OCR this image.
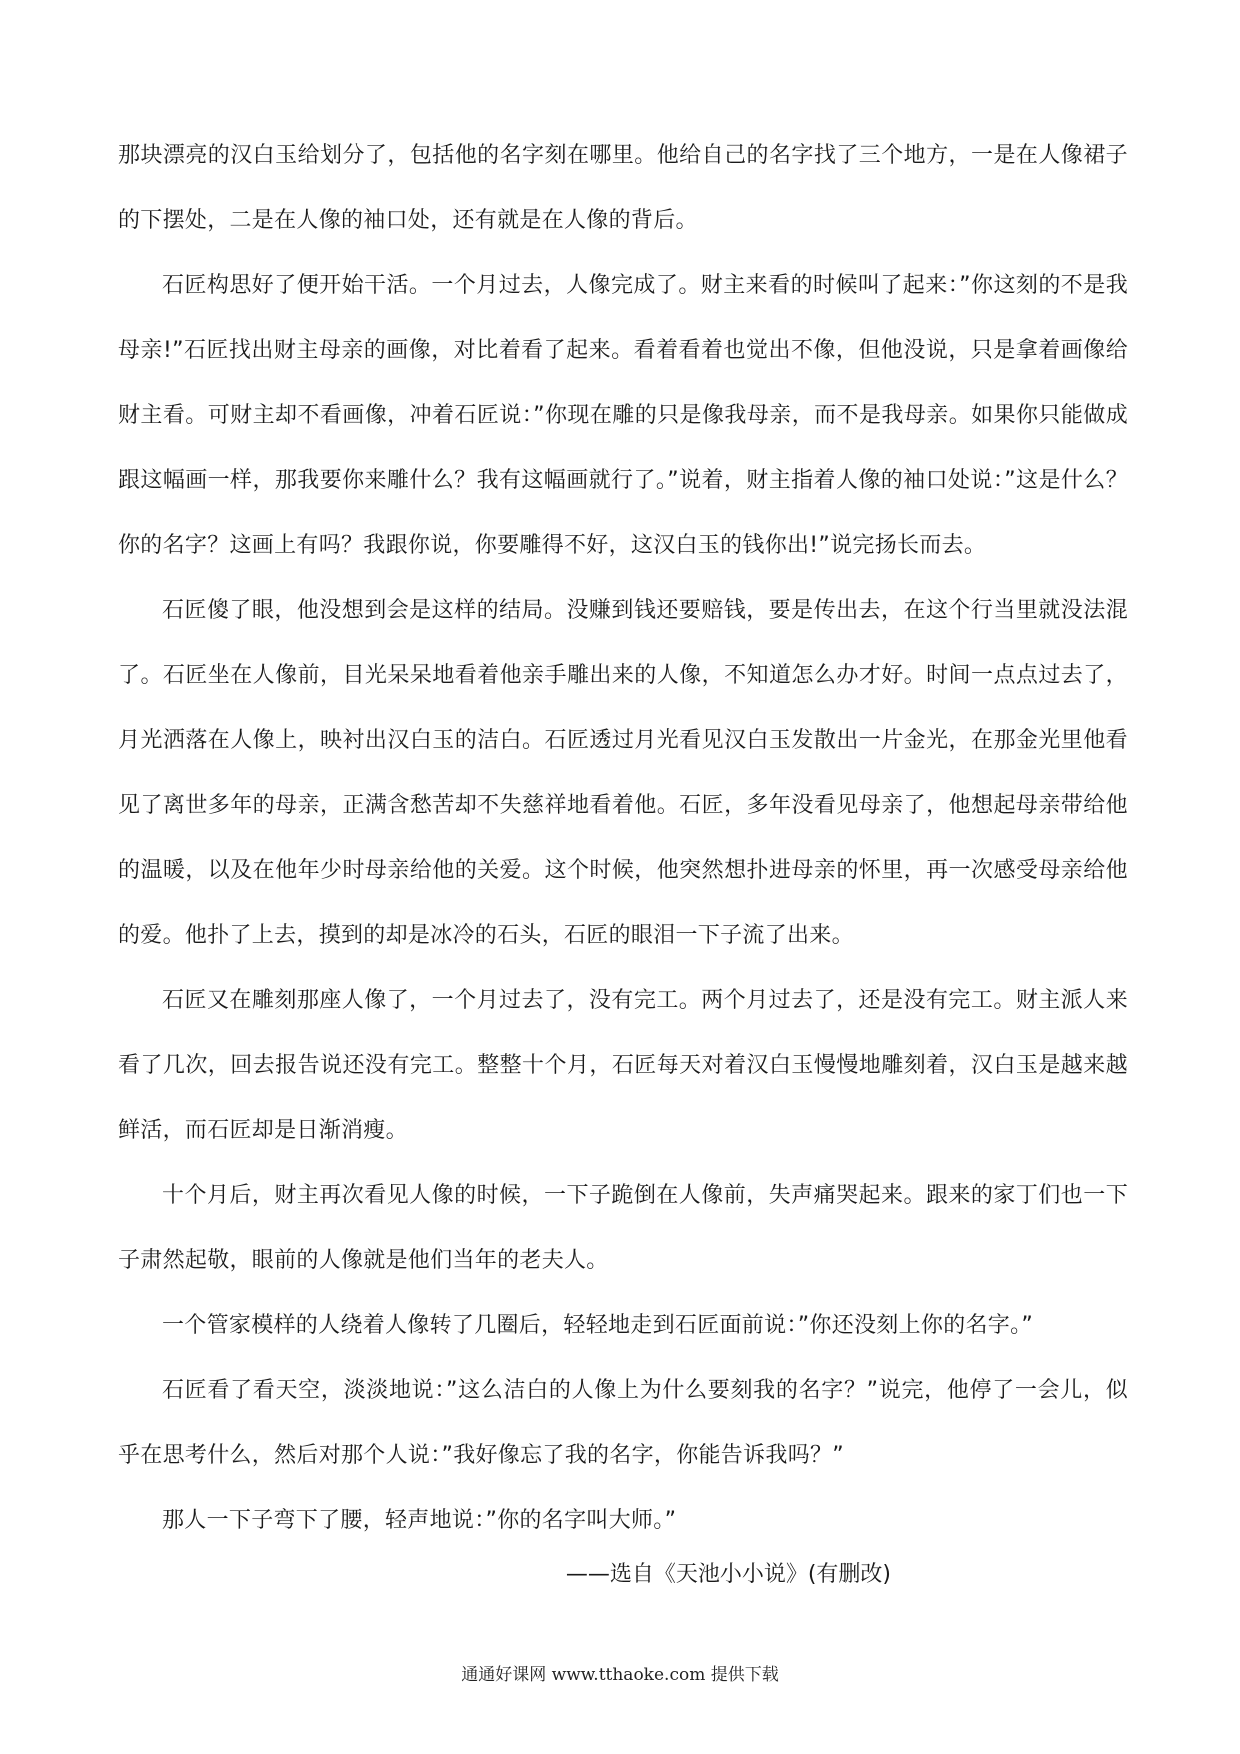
那块漂亮的汉白玉给划分了，包括他的名字刻在哪里。他给自己的名字找了三个地方，一是在人像裙子的下摆处，二是在人像的袖口处，还有就是在人像的背后。

石匠构思好了便开始干活。一个月过去，人像完成了。财主来看的时候叫了起来：”你这刻的不是我母亲!”石匠找出财主母亲的画像，对比着看了起来。看着看着也觉出不像，但他没说，只是拿着画像给财主看。可财主却不看画像，冲着石匠说：”你现在雕的只是像我母亲，而不是我母亲。如果你只能做成跟这幅画一样，那我要你来雕什么？我有这幅画就行了。”说着，财主指着人像的袖口处说：”这是什么？你的名字？这画上有吗？我跟你说，你要雕得不好，这汉白玉的钱你出!”说完扬长而去。

石匠傻了眼，他没想到会是这样的结局。没赚到钱还要赔钱，要是传出去，在这个行当里就没法混了。石匠坐在人像前，目光呆呆地看着他亲手雕出来的人像，不知道怎么办才好。时间一点点过去了，月光洒落在人像上，映衬出汉白玉的洁白。石匠透过月光看见汉白玉发散出一片金光，在那金光里他看见了离世多年的母亲，正满含愁苦却不失慈祥地看着他。石匠，多年没看见母亲了，他想起母亲带给他的温暖，以及在他年少时母亲给他的关爱。这个时候，他突然想扑进母亲的怀里，再一次感受母亲给他的爱。他扑了上去，摸到的却是冰冷的石头，石匠的眼泪一下子流了出来。

石匠又在雕刻那座人像了，一个月过去了，没有完工。两个月过去了，还是没有完工。财主派人来看了几次，回去报告说还没有完工。整整十个月，石匠每天对着汉白玉慢慢地雕刻着，汉白玉是越来越鲜活，而石匠却是日渐消瘦。

十个月后，财主再次看见人像的时候，一下子跪倒在人像前，失声痛哭起来。跟来的家丁们也一下子肃然起敬，眼前的人像就是他们当年的老夫人。

一个管家模样的人绕着人像转了几圈后，轻轻地走到石匠面前说：”你还没刻上你的名字。”

石匠看了看天空，淡淡地说：”这么洁白的人像上为什么要刻我的名字？”说完，他停了一会儿，似乎在思考什么，然后对那个人说：”我好像忘了我的名字，你能告诉我吗？”

那人一下子弯下了腰，轻声地说：”你的名字叫大师。”

——选自《天池小小说》(有删改)

通通好课网 www.tthaoke.com 提供下载
